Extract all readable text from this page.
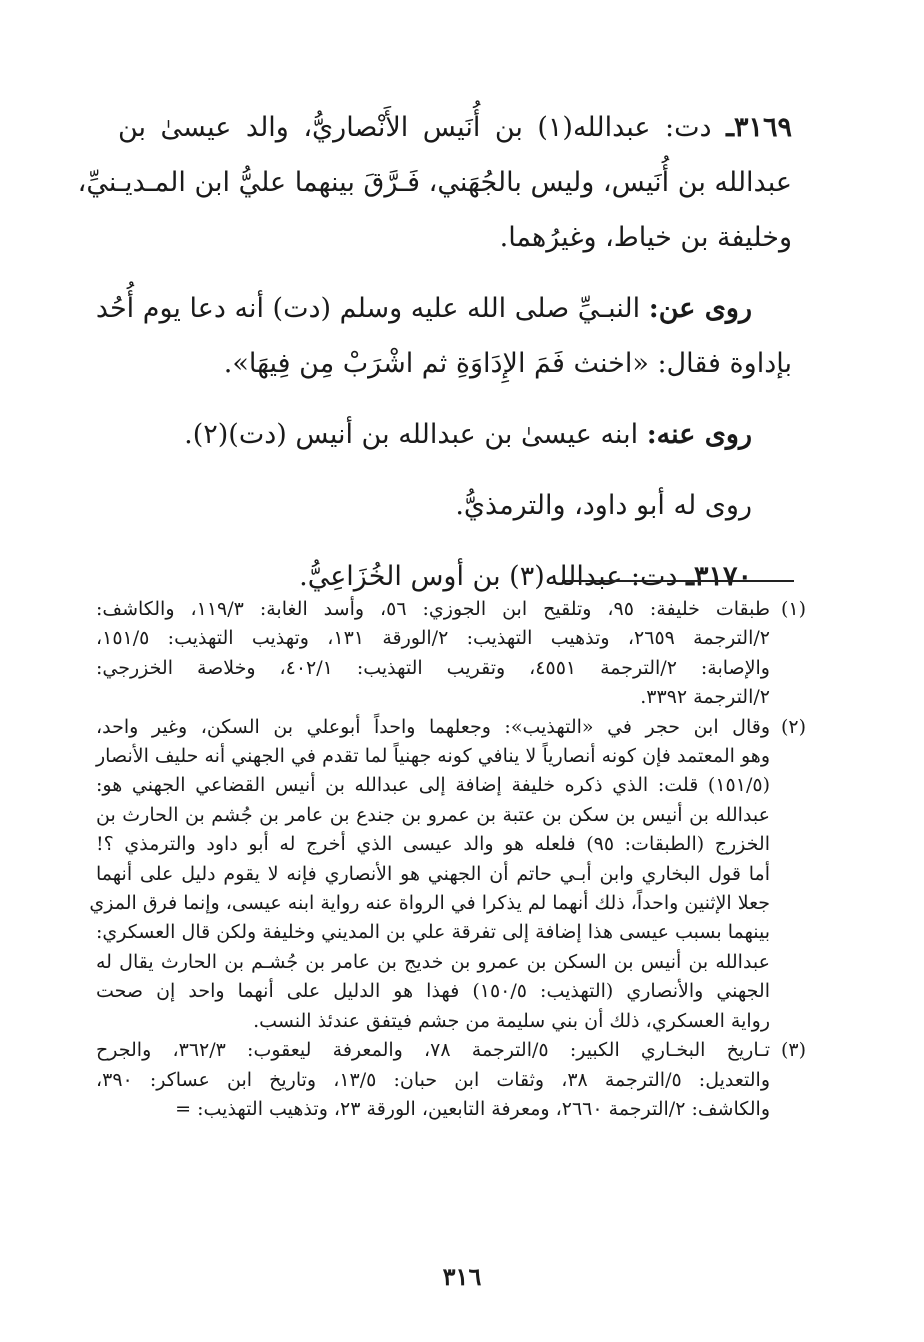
٣١٦٩ـ دت: عبدالله(١) بن أُنَيس الأَنْصاريُّ، والد عيسىٰ بن
عبدالله بن أُنَيس، وليس بالجُهَني، فَـرَّقَ بينهما عليُّ ابن المـديـنيِّ،
وخليفة بن خياط، وغيرُهما.
روى عن: النبـيِّ صلى الله عليه وسلم (دت) أنه دعا يوم أُحُد
بإداوة فقال: «اخنث فَمَ الإِدَاوَةِ ثم اشْرَبْ مِن فِيهَا».
روى عنه: ابنه عيسىٰ بن عبدالله بن أنيس (دت)(٢).
روى له أبو داود، والترمذيُّ.
٣١٧٠ـ دت: عبدالله(٣) بن أوس الخُزَاعِيُّ.
(١)
طبقات خليفة: ٩٥، وتلقيح ابن الجوزي: ٥٦، وأسد الغابة: ١١٩/٣، والكاشف:
٢/الترجمة ٢٦٥٩، وتذهيب التهذيب: ٢/الورقة ١٣١، وتهذيب التهذيب: ١٥١/٥،
والإصابة: ٢/الترجمة ٤٥٥١، وتقريب التهذيب: ٤٠٢/١، وخلاصة الخزرجي:
٢/الترجمة ٣٣٩٢.
(٢)
وقال ابن حجر في «التهذيب»: وجعلهما واحداً أبوعلي بن السكن، وغير واحد،
وهو المعتمد فإن كونه أنصارياً لا ينافي كونه جهنياً لما تقدم في الجهني أنه حليف الأنصار
(١٥١/٥) قلت: الذي ذكره خليفة إضافة إلى عبدالله بن أنيس القضاعي الجهني هو:
عبدالله بن أنيس بن سكن بن عتبة بن عمرو بن جندع بن عامر بن جُشم بن الحارث بن
الخزرج (الطبقات: ٩٥) فلعله هو والد عيسى الذي أخرج له أبو داود والترمذي ؟!
أما قول البخاري وابن أبـي حاتم أن الجهني هو الأنصاري فإنه لا يقوم دليل على أنهما
جعلا الإثنين واحداً، ذلك أنهما لم يذكرا في الرواة عنه رواية ابنه عيسى، وإنما فرق المزي
بينهما بسبب عيسى هذا إضافة إلى تفرقة علي بن المديني وخليفة ولكن قال العسكري:
عبدالله بن أنيس بن السكن بن عمرو بن خديج بن عامر بن جُشـم بن الحارث يقال له
الجهني والأنصاري (التهذيب: ١٥٠/٥) فهذا هو الدليل على أنهما واحد إن صحت
رواية العسكري، ذلك أن بني سليمة من جشم فيتفق عندئذ النسب.
(٣)
تـاريخ البخـاري الكبير: ٥/الترجمة ٧٨، والمعرفة ليعقوب: ٣٦٢/٣، والجرح
والتعديل: ٥/الترجمة ٣٨، وثقات ابن حبان: ١٣/٥، وتاريخ ابن عساكر: ٣٩٠،
والكاشف: ٢/الترجمة ٢٦٦٠، ومعرفة التابعين، الورقة ٢٣، وتذهيب التهذيب: =
٣١٦
